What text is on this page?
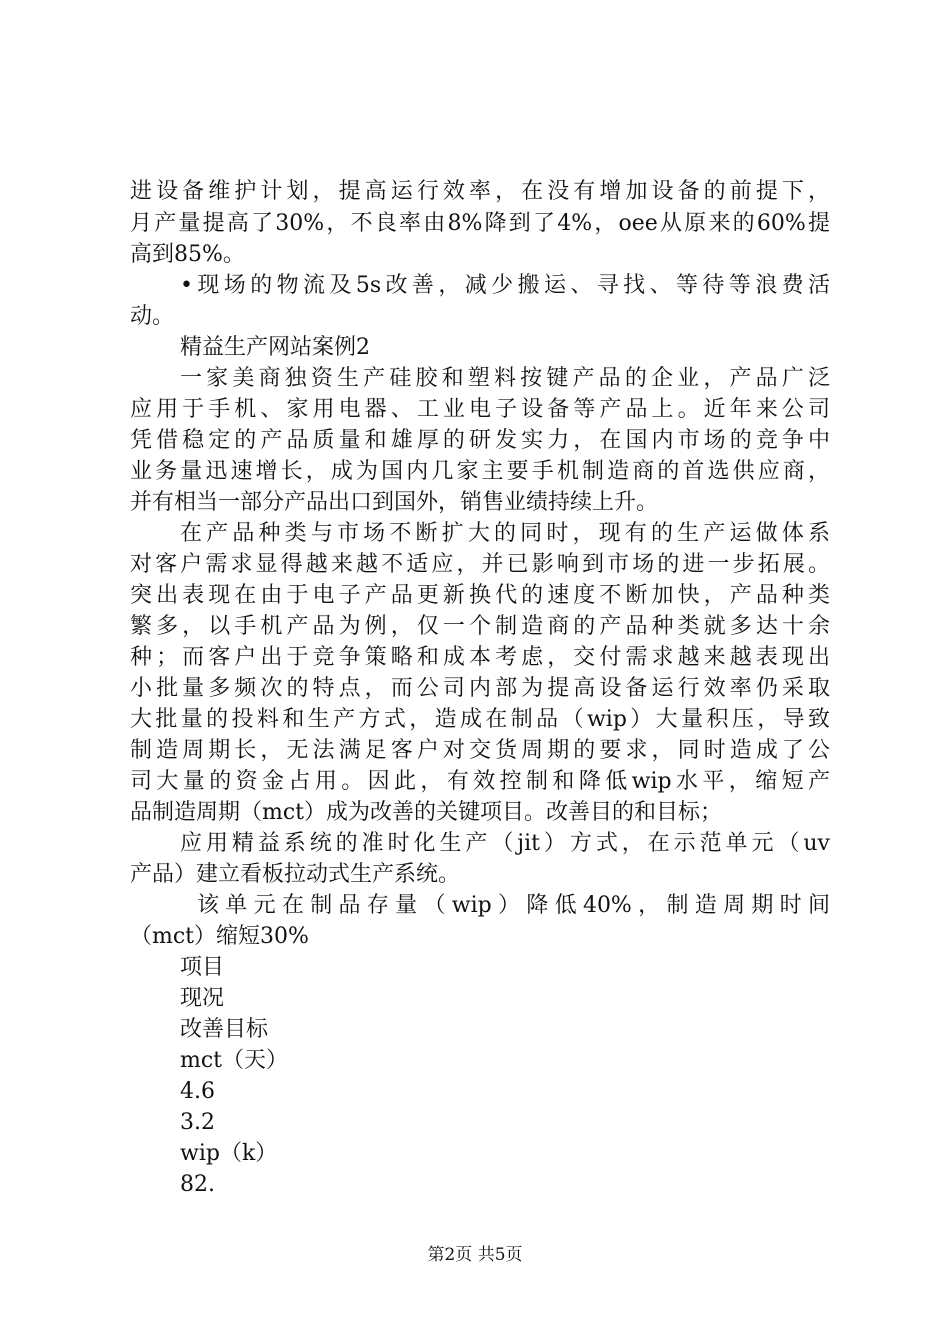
进设备维护计划，提高运行效率，在没有增加设备的前提下，
月产量提高了30%，不良率由8%降到了4%，oee从原来的60%提
高到85%。
•现场的物流及5s改善，减少搬运、寻找、等待等浪费活
动。
精益生产网站案例2
一家美商独资生产硅胶和塑料按键产品的企业，产品广泛
应用于手机、家用电器、工业电子设备等产品上。近年来公司
凭借稳定的产品质量和雄厚的研发实力，在国内市场的竞争中
业务量迅速增长，成为国内几家主要手机制造商的首选供应商，
并有相当一部分产品出口到国外，销售业绩持续上升。
在产品种类与市场不断扩大的同时，现有的生产运做体系
对客户需求显得越来越不适应，并已影响到市场的进一步拓展。
突出表现在由于电子产品更新换代的速度不断加快，产品种类
繁多，以手机产品为例，仅一个制造商的产品种类就多达十余
种；而客户出于竞争策略和成本考虑，交付需求越来越表现出
小批量多频次的特点，而公司内部为提高设备运行效率仍采取
大批量的投料和生产方式，造成在制品（wip）大量积压，导致
制造周期长，无法满足客户对交货周期的要求，同时造成了公
司大量的资金占用。因此，有效控制和降低wip水平，缩短产
品制造周期（mct）成为改善的关键项目。改善目的和目标；
应用精益系统的准时化生产（jit）方式，在示范单元（uv
产品）建立看板拉动式生产系统。
该单元在制品存量（wip）降低40%，制造周期时间
（mct）缩短30%
项目
现况
改善目标
mct（天）
4.6
3.2
wip（k）
82.
第2页 共5页
